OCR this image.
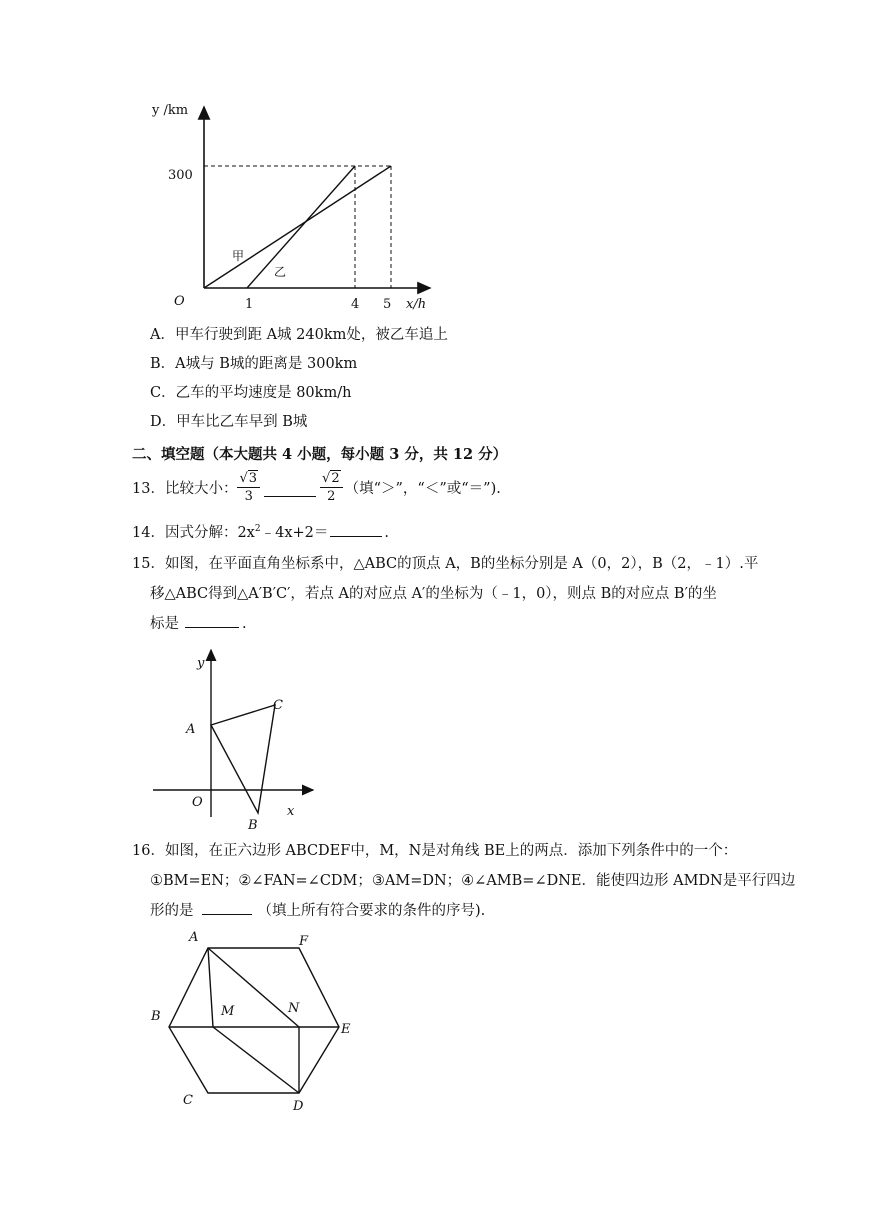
y /km
300
O	1	4 5 x/h
甲
乙
A．甲车行驶到距 A城 240km处，被乙车追上
B．A城与 B城的距离是 300km
C．乙车的平均速度是 80km/h
D．甲车比乙车早到 B城
二、填空题（本大题共 4 小题，每小题 3 分，共 12 分）
13．比较大小： $\frac{√3}{3}$	$\frac{√2}{2}$ （填“＞”，“＜”或“＝”).
14．因式分解：$2x^2﹣4x+2=$	.
15．如图，在平面直角坐标系中，△ABC的顶点 A，B的坐标分别是 A（0，2），B（2，﹣1）.平
移△ABC得到△A′B′C′，若点 A的对应点 A′的坐标为（﹣1，0），则点 B的对应点 B′的坐
标是	.
y
x
O
A
B
C
16．如图，在正六边形 ABCDEF中，M，N是对角线 BE上的两点．添加下列条件中的一个：
①BM=EN；②∠FAN=∠CDM；③AM=DN；④∠AMB=∠DNE．能使四边形 AMDN是平行四边
形的是	（填上所有符合要求的条件的序号).
A	F
B
E
C	D
M	N
